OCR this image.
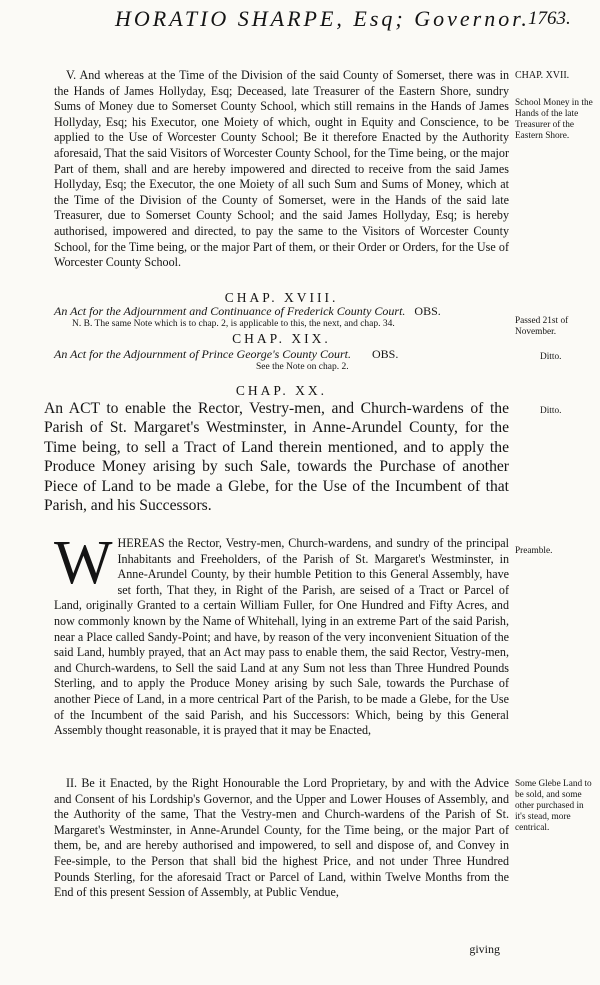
HORATIO SHARPE, Esq; Governor.
1763.
CHAP. XVII.
School Money in the Hands of the late Treasurer of the Eastern Shore.
V. And whereas at the Time of the Division of the said County of Somerset, there was in the Hands of James Hollyday, Esq; Deceased, late Treasurer of the Eastern Shore, sundry Sums of Money due to Somerset County School, which still remains in the Hands of James Hollyday, Esq; his Executor, one Moiety of which, ought in Equity and Conscience, to be applied to the Use of Worcester County School; Be it therefore Enacted by the Authority aforesaid, That the said Visitors of Worcester County School, for the Time being, or the major Part of them, shall and are hereby impowered and directed to receive from the said James Hollyday, Esq; the Executor, the one Moiety of all such Sum and Sums of Money, which at the Time of the Division of the County of Somerset, were in the Hands of the said late Treasurer, due to Somerset County School; and the said James Hollyday, Esq; is hereby authorised, impowered and directed, to pay the same to the Visitors of Worcester County School, for the Time being, or the major Part of them, or their Order or Orders, for the Use of Worcester County School.
CHAP. XVIII.
An Act for the Adjournment and Continuance of Frederick County Court. OBS.
N. B. The same Note which is to chap. 2, is applicable to this, the next, and chap. 34.	Passed 21st of November.
CHAP. XIX.
An Act for the Adjournment of Prince George's County Court. OBS.
See the Note on chap. 2.
Ditto.
CHAP. XX.
Ditto.
An ACT to enable the Rector, Vestry-men, and Church-wardens of the Parish of St. Margaret's Westminster, in Anne-Arundel County, for the Time being, to sell a Tract of Land therein mentioned, and to apply the Produce Money arising by such Sale, towards the Purchase of another Piece of Land to be made a Glebe, for the Use of the Incumbent of that Parish, and his Successors.
WHEREAS the Rector, Vestry-men, Church-wardens, and sundry of the principal Inhabitants and Freeholders, of the Parish of St. Margaret's Westminster, in Anne-Arundel County, by their humble Petition to this General Assembly, have set forth, That they, in Right of the Parish, are seised of a Tract or Parcel of Land, originally Granted to a certain William Fuller, for One Hundred and Fifty Acres, and now commonly known by the Name of Whitehall, lying in an extreme Part of the said Parish, near a Place called Sandy-Point; and have, by reason of the very inconvenient Situation of the said Land, humbly prayed, that an Act may pass to enable them, the said Rector, Vestry-men, and Church-wardens, to Sell the said Land at any Sum not less than Three Hundred Pounds Sterling, and to apply the Produce Money arising by such Sale, towards the Purchase of another Piece of Land, in a more centrical Part of the Parish, to be made a Glebe, for the Use of the Incumbent of the said Parish, and his Successors: Which, being by this General Assembly thought reasonable, it is prayed that it may be Enacted,
Preamble.
II. Be it Enacted, by the Right Honourable the Lord Proprietary, by and with the Advice and Consent of his Lordship's Governor, and the Upper and Lower Houses of Assembly, and the Authority of the same, That the Vestry-men and Church-wardens of the Parish of St. Margaret's Westminster, in Anne-Arundel County, for the Time being, or the major Part of them, be, and are hereby authorised and impowered, to sell and dispose of, and Convey in Fee-simple, to the Person that shall bid the highest Price, and not under Three Hundred Pounds Sterling, for the aforesaid Tract or Parcel of Land, within Twelve Months from the End of this present Session of Assembly, at Public Vendue,
Some Glebe Land to be sold, and some other purchased in it's stead, more centrical.
giving
